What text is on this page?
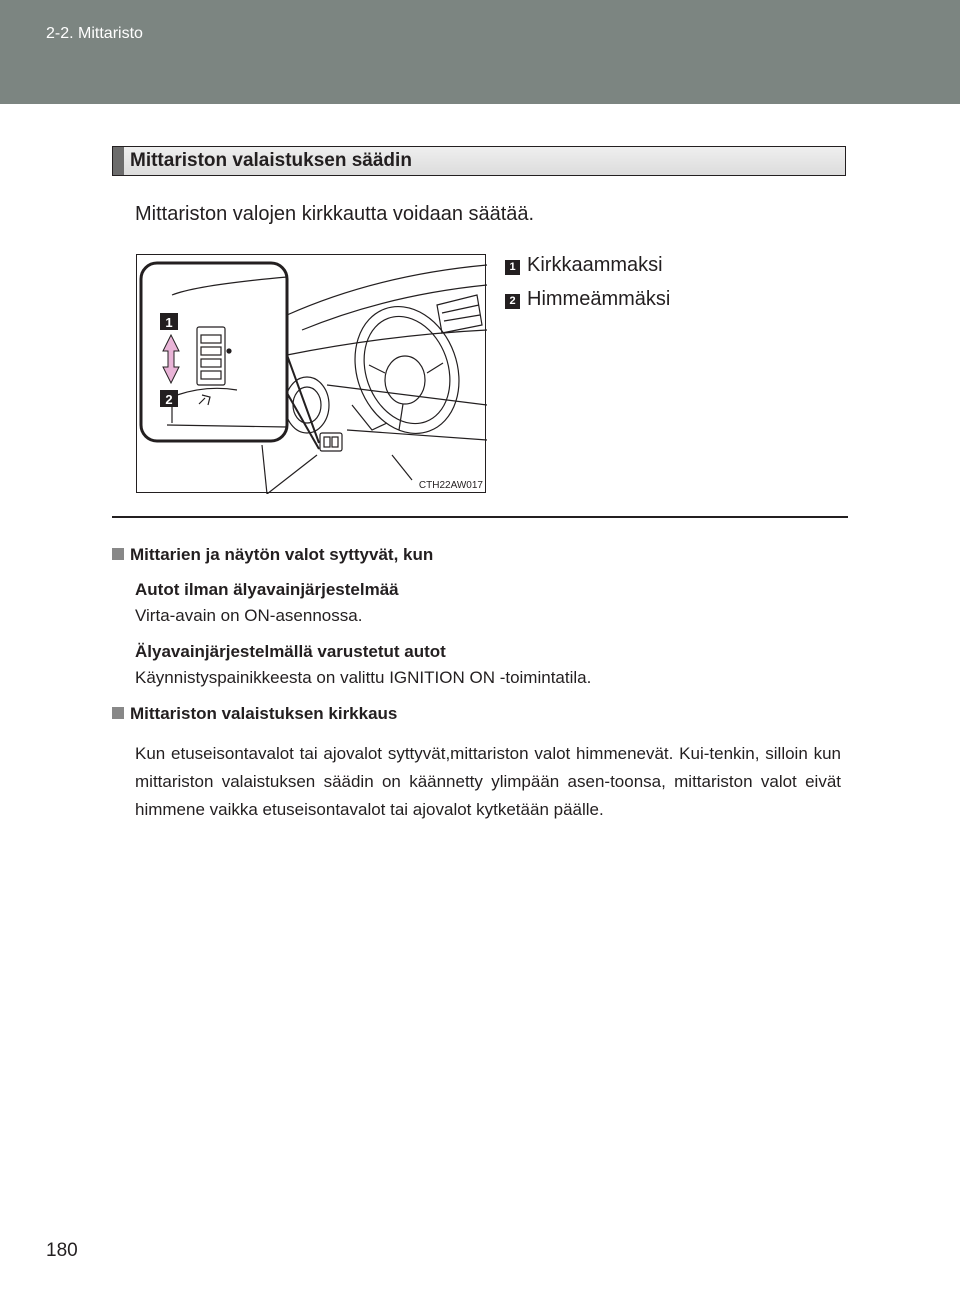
2-2. Mittaristo
Mittariston valaistuksen säädin
Mittariston valojen kirkkautta voidaan säätää.
1
2
CTH22AW017
1 Kirkkaammaksi
2 Himmeämmäksi
Mittarien ja näytön valot syttyvät, kun
Autot ilman älyavainjärjestelmää
Virta-avain on ON-asennossa.
Älyavainjärjestelmällä varustetut autot
Käynnistyspainikkeesta on valittu IGNITION ON -toimintatila.
Mittariston valaistuksen kirkkaus
Kun etuseisontavalot tai ajovalot syttyvät,mittariston valot himmenevät. Kui-tenkin, silloin kun mittariston valaistuksen säädin on käännetty ylimpään asen-toonsa, mittariston valot eivät himmene vaikka etuseisontavalot tai ajovalot kytketään päälle.
180
